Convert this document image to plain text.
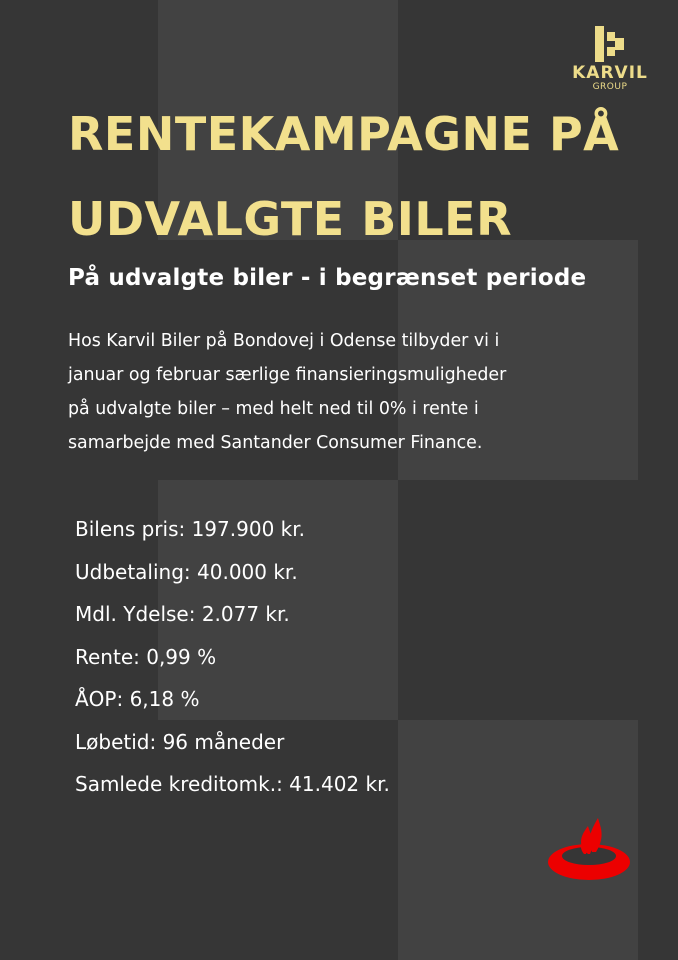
KARVIL
GROUP
RENTEKAMPAGNE PÅ
UDVALGTE BILER
På udvalgte biler - i begrænset periode
Hos Karvil Biler på Bondovej i Odense tilbyder vi i
januar og februar særlige finansieringsmuligheder
på udvalgte biler – med helt ned til 0% i rente i
samarbejde med Santander Consumer Finance.
Bilens pris: 197.900 kr.
Udbetaling: 40.000 kr.
Mdl. Ydelse: 2.077 kr.
Rente: 0,99 %
ÅOP: 6,18 %
Løbetid: 96 måneder
Samlede kreditomk.: 41.402 kr.
